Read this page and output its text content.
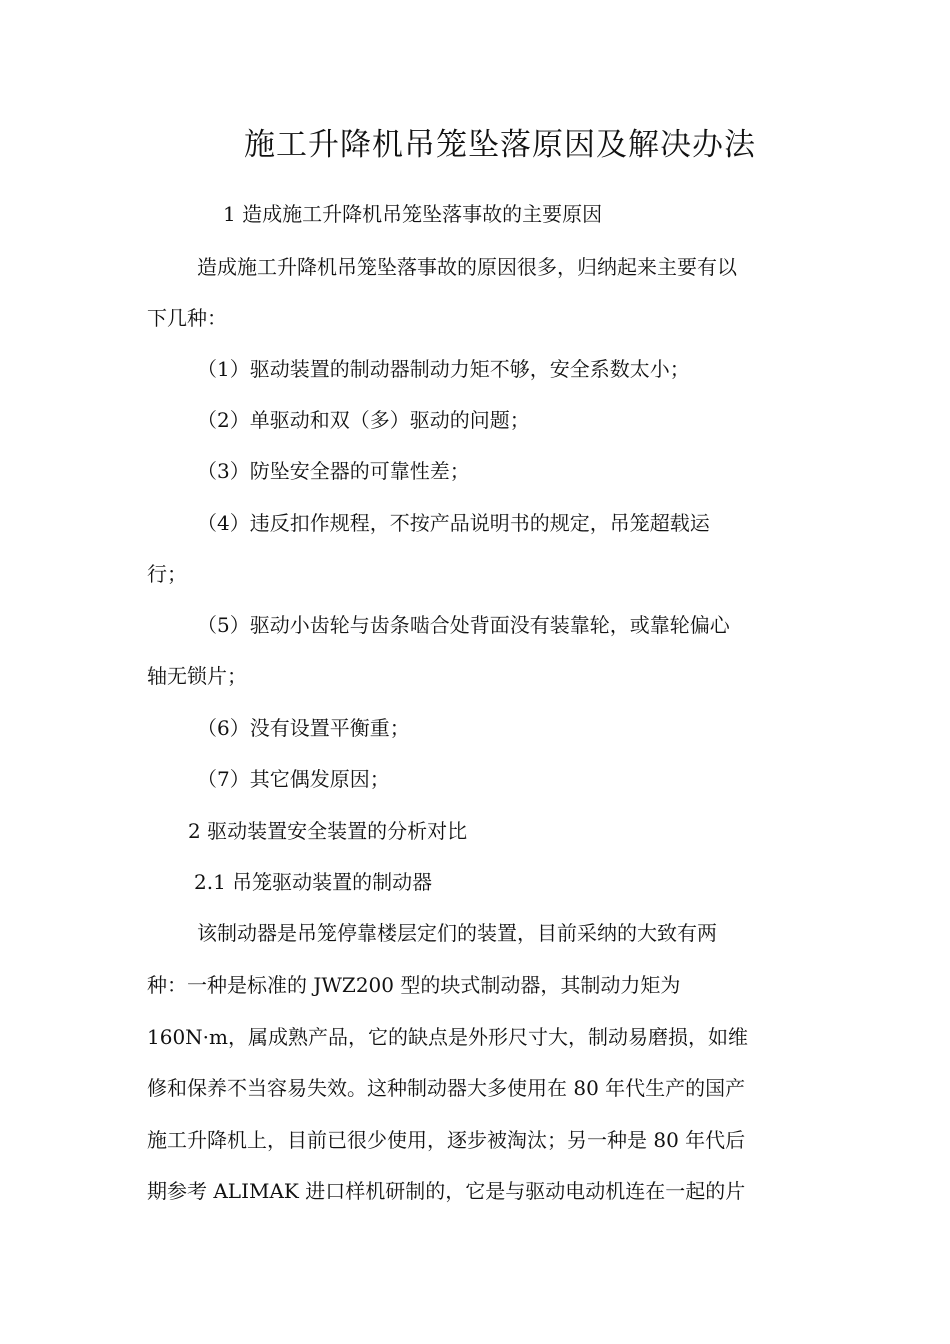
施工升降机吊笼坠落原因及解决办法
1 造成施工升降机吊笼坠落事故的主要原因
造成施工升降机吊笼坠落事故的原因很多，归纳起来主要有以
下几种：
（1）驱动装置的制动器制动力矩不够，安全系数太小；
（2）单驱动和双（多）驱动的问题；
（3）防坠安全器的可靠性差；
（4）违反扣作规程，不按产品说明书的规定，吊笼超载运
行；
（5）驱动小齿轮与齿条啮合处背面没有装靠轮，或靠轮偏心
轴无锁片；
（6）没有设置平衡重；
（7）其它偶发原因；
2 驱动装置安全装置的分析对比
2.1 吊笼驱动装置的制动器
该制动器是吊笼停靠楼层定们的装置，目前采纳的大致有两
种：一种是标准的 JWZ200 型的块式制动器，其制动力矩为
160N·m，属成熟产品，它的缺点是外形尺寸大，制动易磨损，如维
修和保养不当容易失效。这种制动器大多使用在 80 年代生产的国产
施工升降机上，目前已很少使用，逐步被淘汰；另一种是 80 年代后
期参考 ALIMAK 进口样机研制的，它是与驱动电动机连在一起的片
